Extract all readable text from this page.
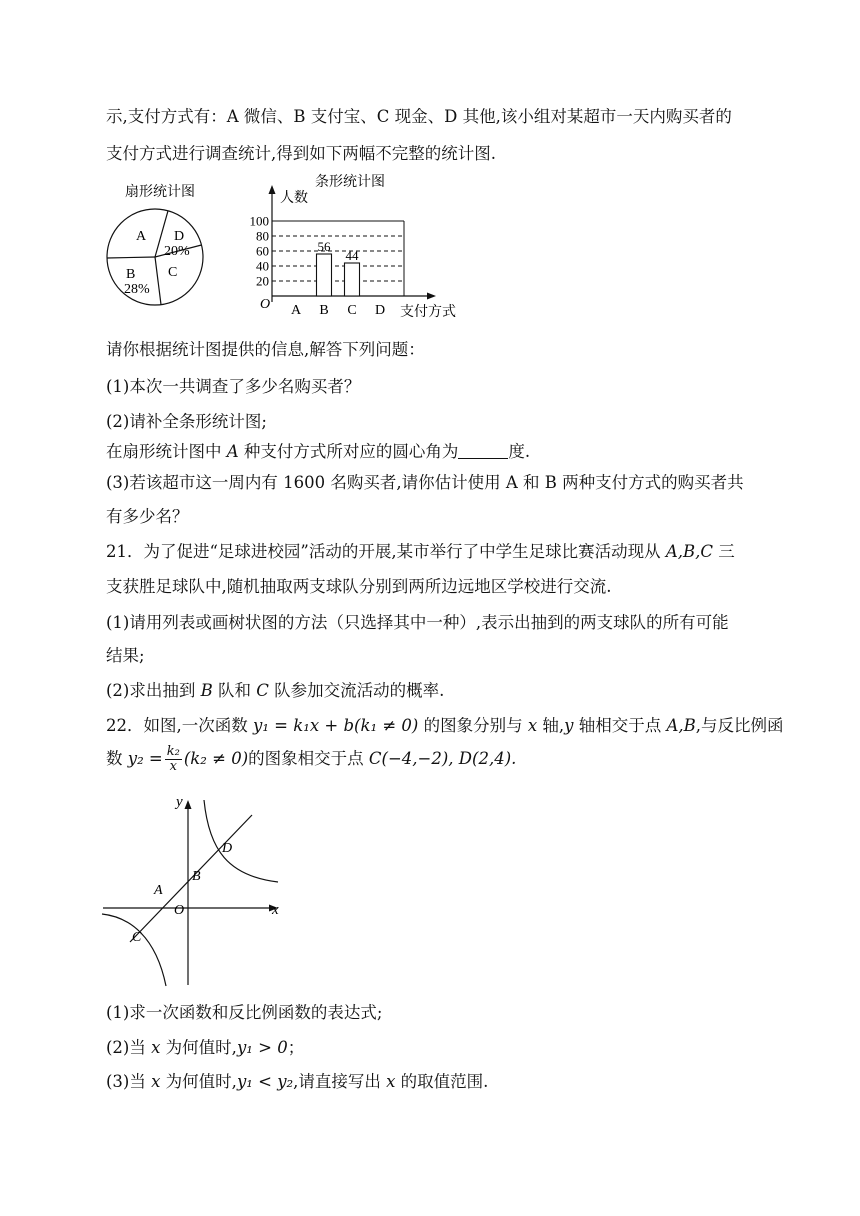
示,支付方式有：A 微信、B 支付宝、C 现金、D 其他,该小组对某超市一天内购买者的
支付方式进行调查统计,得到如下两幅不完整的统计图.
扇形统计图
A D
20%
C
B
28%
条形统计图
人数
O
支付方式
100
80
60
40
20
A B
56
C
44
D
请你根据统计图提供的信息,解答下列问题：
(1)本次一共调查了多少名购买者？
(2)请补全条形统计图;
在扇形统计图中 A 种支付方式所对应的圆心角为	度.
(3)若该超市这一周内有 1600 名购买者,请你估计使用 A 和 B 两种支付方式的购买者共
有多少名？
21．为了促进“足球进校园”活动的开展,某市举行了中学生足球比赛活动现从 A,B,C 三
支获胜足球队中,随机抽取两支球队分别到两所边远地区学校进行交流.
(1)请用列表或画树状图的方法（只选择其中一种）,表示出抽到的两支球队的所有可能
结果;
(2)求出抽到 B 队和 C 队参加交流活动的概率.
22．如图,一次函数 y₁ = k₁x + b(k₁ ≠ 0) 的图象分别与 x 轴,y 轴相交于点 A,B,与反比例函
数 $y_2 = \frac{\text{k₂}}{x} (k_2 \ne 0)$的图象相交于点 C(−4,−2), D(2,4).
y
x
O
A
B
C
D
(1)求一次函数和反比例函数的表达式;
(2)当 x 为何值时,y₁ > 0；
(3)当 x 为何值时,y₁ < y₂,请直接写出 x 的取值范围.
